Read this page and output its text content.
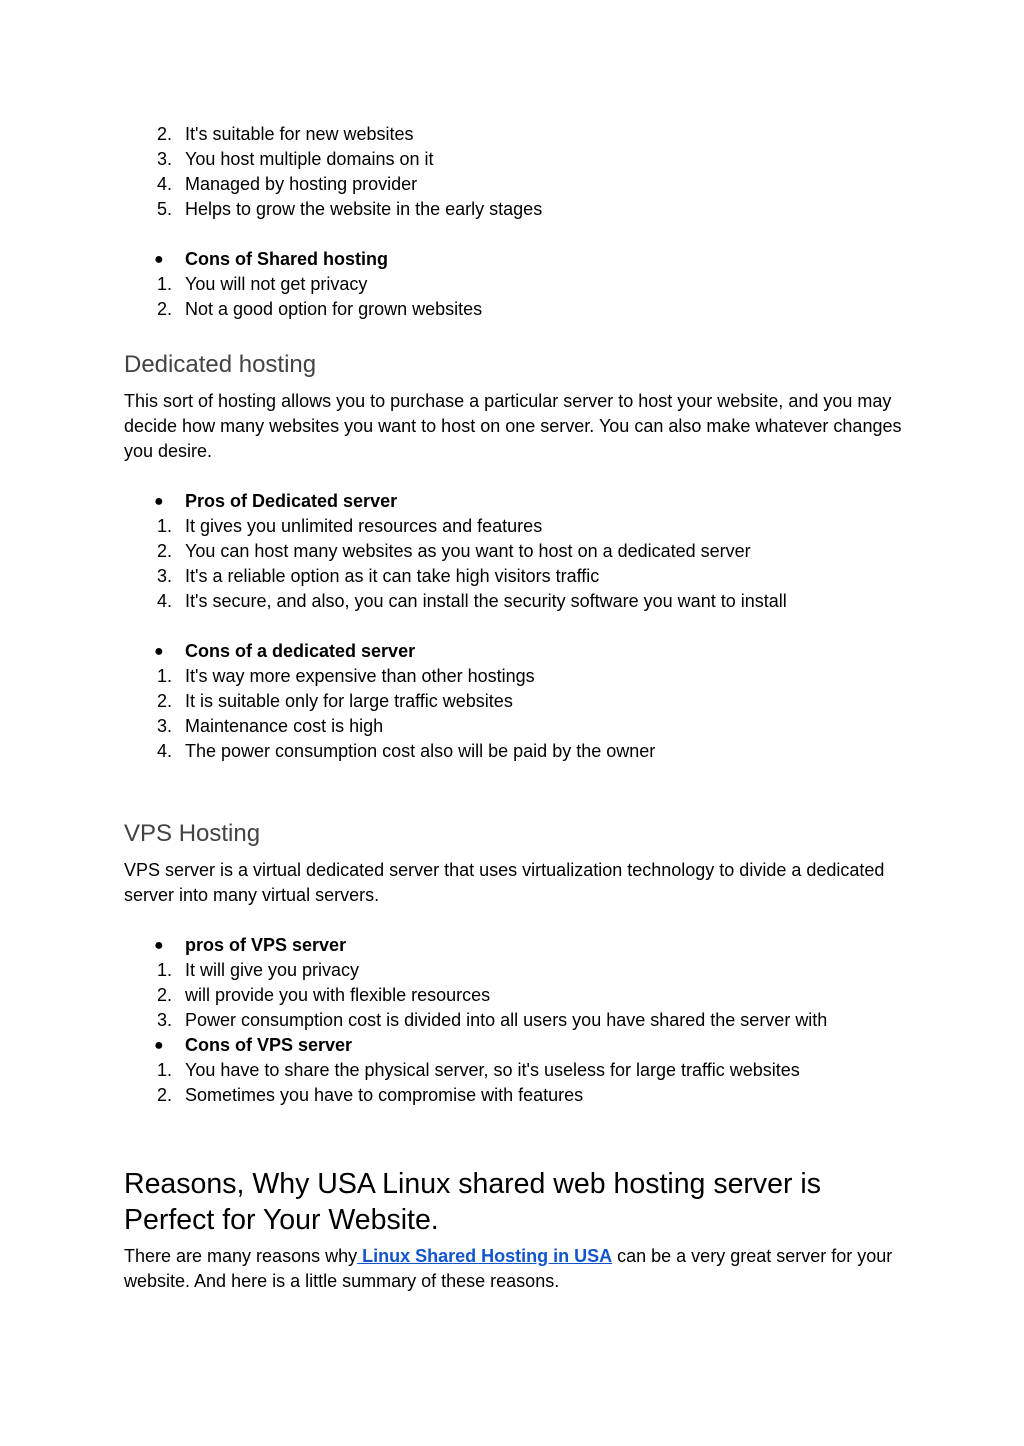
2. It's suitable for new websites
3. You host multiple domains on it
4. Managed by hosting provider
5. Helps to grow the website in the early stages
●	Cons of Shared hosting
1. You will not get privacy
2. Not a good option for grown websites
Dedicated hosting

This sort of hosting allows you to purchase a particular server to host your website, and you may decide how many websites you want to host on one server. You can also make whatever changes you desire.

●	Pros of Dedicated server
1. It gives you unlimited resources and features
2. You can host many websites as you want to host on a dedicated server
3. It's a reliable option as it can take high visitors traffic
4. It's secure, and also, you can install the security software you want to install
●	Cons of a dedicated server
1. It's way more expensive than other hostings
2. It is suitable only for large traffic websites
3. Maintenance cost is high
4. The power consumption cost also will be paid by the owner
VPS Hosting

VPS server is a virtual dedicated server that uses virtualization technology to divide a dedicated server into many virtual servers.

●	pros of VPS server
1. It will give you privacy
2. will provide you with flexible resources
3. Power consumption cost is divided into all users you have shared the server with
●	Cons of VPS server
1. You have to share the physical server, so it's useless for large traffic websites
2. Sometimes you have to compromise with features
Reasons, Why USA Linux shared web hosting server is Perfect for Your Website.

There are many reasons why Linux Shared Hosting in USA can be a very great server for your website. And here is a little summary of these reasons.
